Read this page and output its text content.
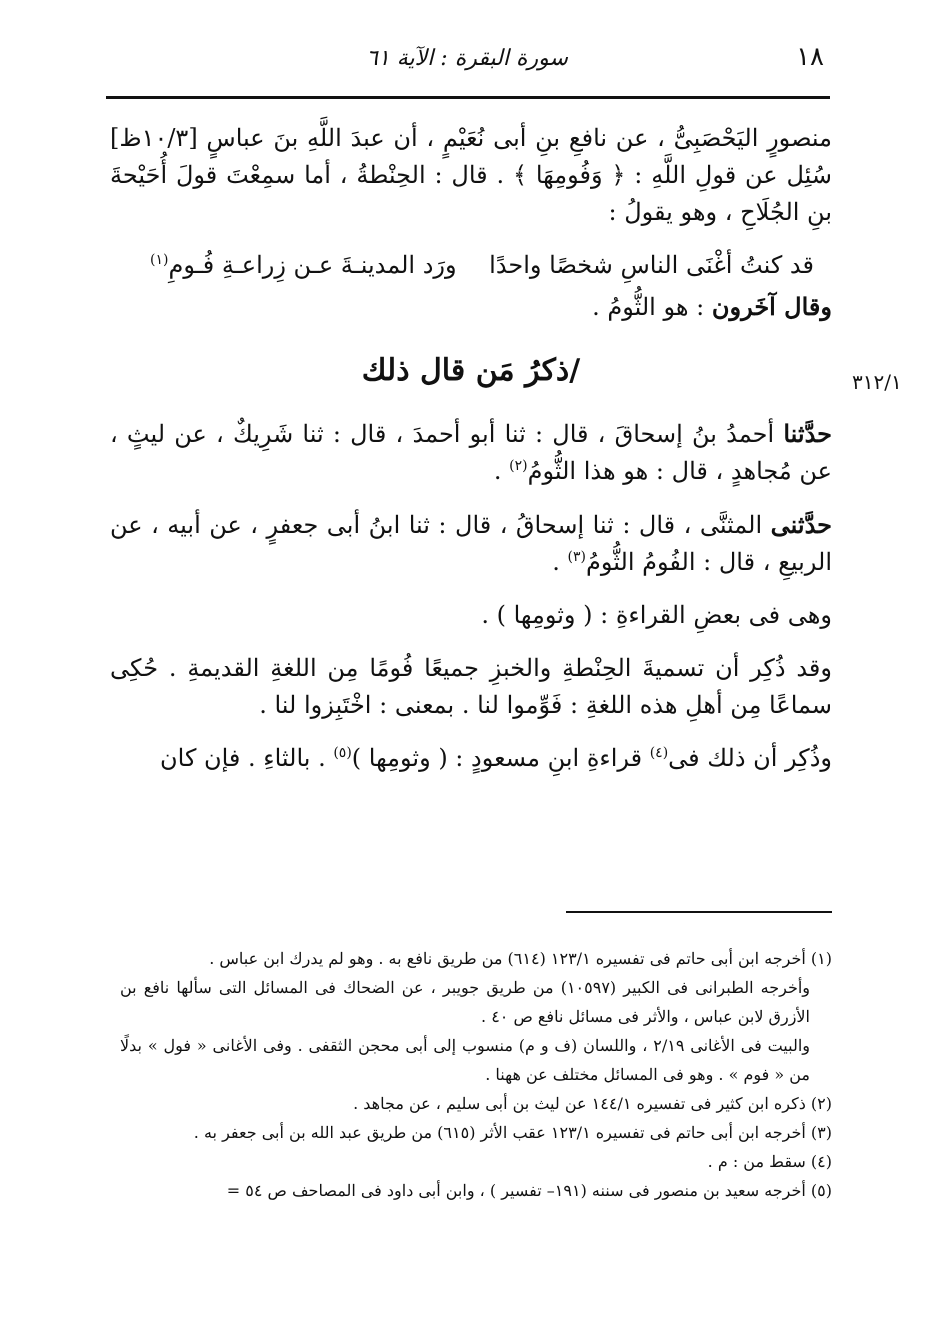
١٨
سورة البقرة : الآية ٦١
٣١٢/١

منصورٍ اليَحْصَبِىُّ ، عن نافعِ بنِ أبى نُعَيْمٍ ، أن عبدَ اللَّهِ بنَ عباسٍ [١٠/٣ظ] سُئِل عن قولِ اللَّهِ : ﴿ وَفُومِهَا ﴾ . قال : الحِنْطةُ ، أما سمِعْتَ قولَ أُحَيْحةَ بنِ الجُلَاحِ ، وهو يقولُ :

قد كنتُ أغْنَى الناسِ شخصًا واحدًا
ورَد المدينـةَ عـن زِراعـةِ فُـومِ$^{(١)}$

وقال آخَرون : هو الثُّومُ .

/ذكرُ مَن قال ذلك

حدَّثنا أحمدُ بنُ إسحاقَ ، قال : ثنا أبو أحمدَ ، قال : ثنا شَرِيكٌ ، عن ليثٍ ، عن مُجاهدٍ ، قال : هو هذا الثُّومُ$^{(٢)}$ .

حدَّثنى المثنَّى ، قال : ثنا إسحاقُ ، قال : ثنا ابنُ أبى جعفرٍ ، عن أبيه ، عن الربيعِ ، قال : الفُومُ الثُّومُ$^{(٣)}$ .

وهى فى بعضِ القراءةِ : ( وثومِها ) .

وقد ذُكِر أن تسميةَ الحِنْطةِ والخبزِ جميعًا فُومًا مِن اللغةِ القديمةِ . حُكِى سماعًا مِن أهلِ هذه اللغةِ : فَوِّموا لنا . بمعنى : اخْتَبِزوا لنا .

وذُكِر أن ذلك فى$^{(٤)}$ قراءةِ ابنِ مسعودٍ : ( وثومِها )$^{(٥)}$ . بالثاءِ . فإن كان

(١) أخرجه ابن أبى حاتم فى تفسيره ١٢٣/١ (٦١٤) من طريق نافع به . وهو لم يدرك ابن عباس .

وأخرجه الطبرانى فى الكبير (١٠٥٩٧) من طريق جويبر ، عن الضحاك فى المسائل التى سألها نافع بن الأزرق لابن عباس ، والأثر فى مسائل نافع ص ٤٠ .

والبيت فى الأغانى ٢/١٩ ، واللسان (ف و م) منسوب إلى أبى محجن الثقفى . وفى الأغانى « فول » بدلًا من « فوم » . وهو فى المسائل مختلف عن ههنا .

(٢) ذكره ابن كثير فى تفسيره ١٤٤/١ عن ليث بن أبى سليم ، عن مجاهد .

(٣) أخرجه ابن أبى حاتم فى تفسيره ١٢٣/١ عقب الأثر (٦١٥) من طريق عبد الله بن أبى جعفر به .

(٤) سقط من : م .

(٥) أخرجه سعيد بن منصور فى سننه (١٩١– تفسير ) ، وابن أبى داود فى المصاحف ص ٥٤ =
